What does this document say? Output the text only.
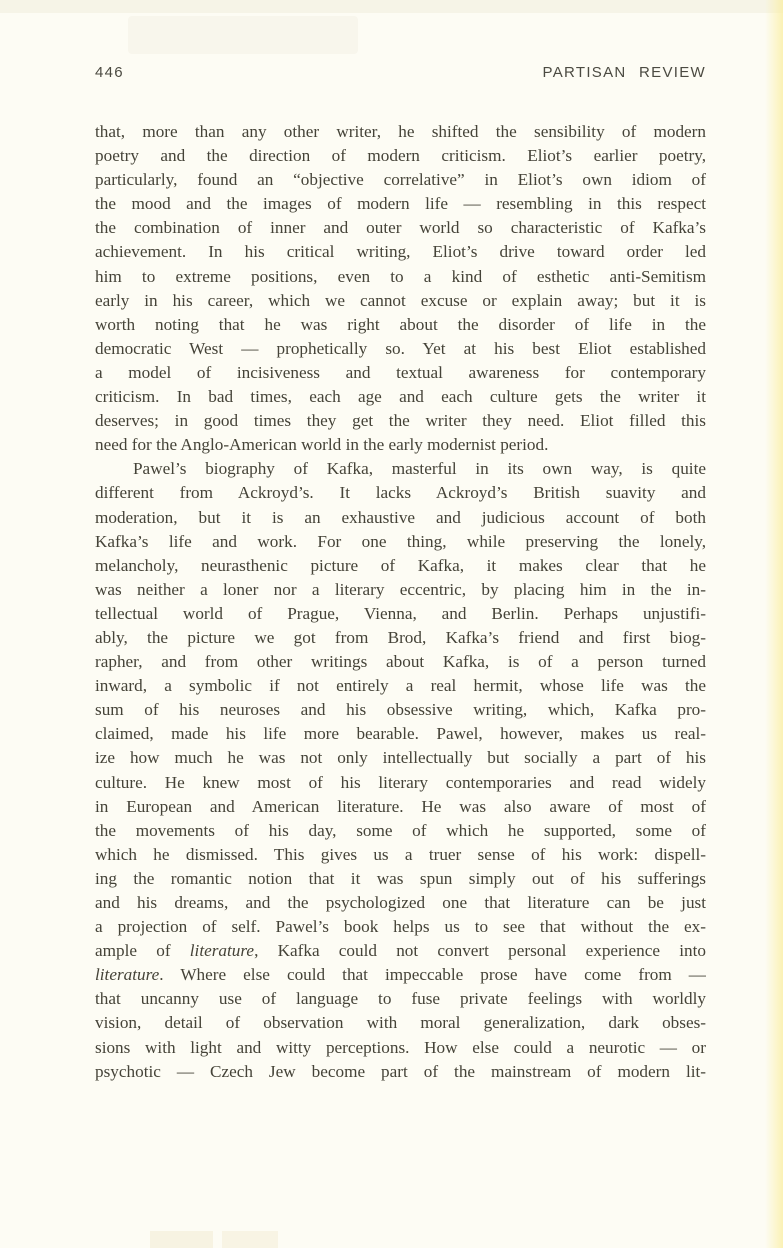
446	PARTISAN REVIEW
that, more than any other writer, he shifted the sensibility of modern
poetry and the direction of modern criticism. Eliot’s earlier poetry,
particularly, found an “objective correlative” in Eliot’s own idiom of
the mood and the images of modern life — resembling in this respect
the combination of inner and outer world so characteristic of Kafka’s
achievement. In his critical writing, Eliot’s drive toward order led
him to extreme positions, even to a kind of esthetic anti-Semitism
early in his career, which we cannot excuse or explain away; but it is
worth noting that he was right about the disorder of life in the
democratic West — prophetically so. Yet at his best Eliot established
a model of incisiveness and textual awareness for contemporary
criticism. In bad times, each age and each culture gets the writer it
deserves; in good times they get the writer they need. Eliot filled this
need for the Anglo-American world in the early modernist period.
Pawel’s biography of Kafka, masterful in its own way, is quite
different from Ackroyd’s. It lacks Ackroyd’s British suavity and
moderation, but it is an exhaustive and judicious account of both
Kafka’s life and work. For one thing, while preserving the lonely,
melancholy, neurasthenic picture of Kafka, it makes clear that he
was neither a loner nor a literary eccentric, by placing him in the in-
tellectual world of Prague, Vienna, and Berlin. Perhaps unjustifi-
ably, the picture we got from Brod, Kafka’s friend and first biog-
rapher, and from other writings about Kafka, is of a person turned
inward, a symbolic if not entirely a real hermit, whose life was the
sum of his neuroses and his obsessive writing, which, Kafka pro-
claimed, made his life more bearable. Pawel, however, makes us real-
ize how much he was not only intellectually but socially a part of his
culture. He knew most of his literary contemporaries and read widely
in European and American literature. He was also aware of most of
the movements of his day, some of which he supported, some of
which he dismissed. This gives us a truer sense of his work: dispell-
ing the romantic notion that it was spun simply out of his sufferings
and his dreams, and the psychologized one that literature can be just
a projection of self. Pawel’s book helps us to see that without the ex-
ample of literature, Kafka could not convert personal experience into
literature. Where else could that impeccable prose have come from —
that uncanny use of language to fuse private feelings with worldly
vision, detail of observation with moral generalization, dark obses-
sions with light and witty perceptions. How else could a neurotic — or
psychotic — Czech Jew become part of the mainstream of modern lit-
